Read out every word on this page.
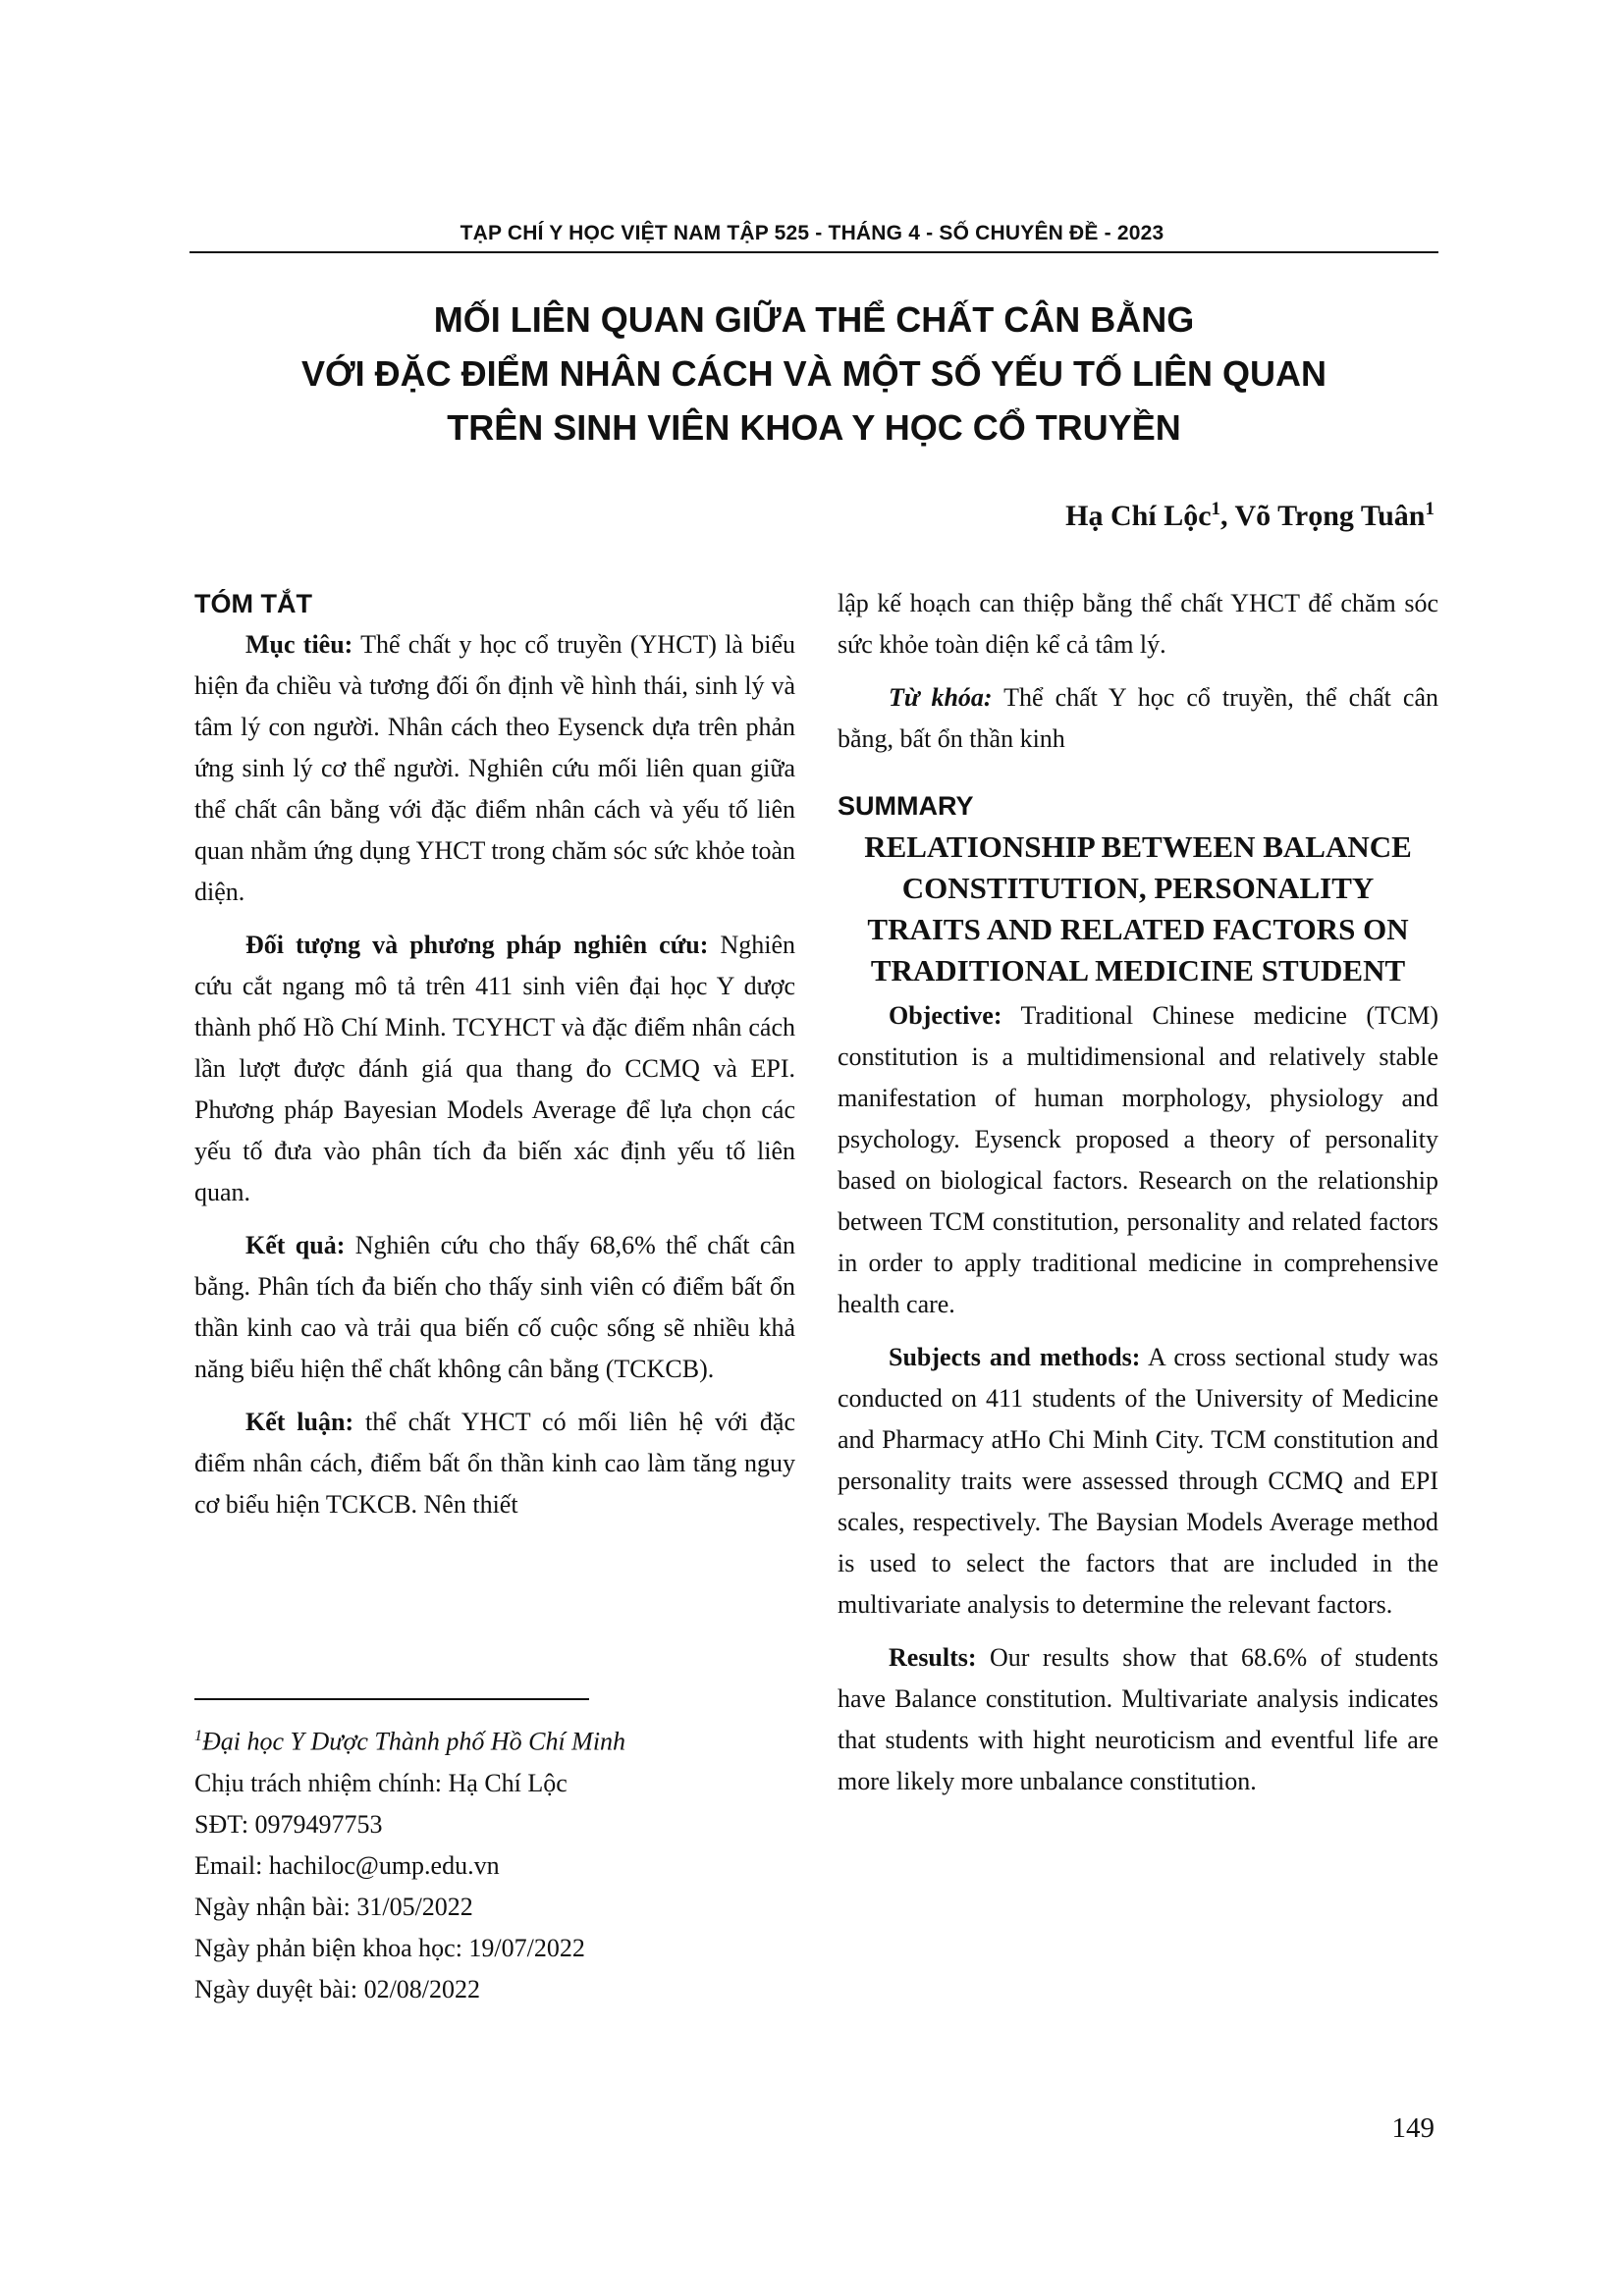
TẠP CHÍ Y HỌC VIỆT NAM TẬP 525 - THÁNG 4 - SỐ CHUYÊN ĐỀ - 2023
MỐI LIÊN QUAN GIỮA THỂ CHẤT CÂN BẰNG
VỚI ĐẶC ĐIỂM NHÂN CÁCH VÀ MỘT SỐ YẾU TỐ LIÊN QUAN
TRÊN SINH VIÊN KHOA Y HỌC CỔ TRUYỀN
Hạ Chí Lộc$^1$, Võ Trọng Tuân$^1$
TÓM TẮT

Mục tiêu: Thể chất y học cổ truyền (YHCT) là biểu hiện đa chiều và tương đối ổn định về hình thái, sinh lý và tâm lý con người. Nhân cách theo Eysenck dựa trên phản ứng sinh lý cơ thể người. Nghiên cứu mối liên quan giữa thể chất cân bằng với đặc điểm nhân cách và yếu tố liên quan nhằm ứng dụng YHCT trong chăm sóc sức khỏe toàn diện.

Đối tượng và phương pháp nghiên cứu: Nghiên cứu cắt ngang mô tả trên 411 sinh viên đại học Y dược thành phố Hồ Chí Minh. TCYHCT và đặc điểm nhân cách lần lượt được đánh giá qua thang đo CCMQ và EPI. Phương pháp Bayesian Models Average để lựa chọn các yếu tố đưa vào phân tích đa biến xác định yếu tố liên quan.

Kết quả: Nghiên cứu cho thấy 68,6% thể chất cân bằng. Phân tích đa biến cho thấy sinh viên có điểm bất ổn thần kinh cao và trải qua biến cố cuộc sống sẽ nhiều khả năng biểu hiện thể chất không cân bằng (TCKCB).

Kết luận: thể chất YHCT có mối liên hệ với đặc điểm nhân cách, điểm bất ổn thần kinh cao làm tăng nguy cơ biểu hiện TCKCB. Nên thiết

$^1$Đại học Y Dược Thành phố Hồ Chí Minh
Chịu trách nhiệm chính: Hạ Chí Lộc
SĐT: 0979497753
Email: hachiloc@ump.edu.vn
Ngày nhận bài: 31/05/2022
Ngày phản biện khoa học: 19/07/2022
Ngày duyệt bài: 02/08/2022

lập kế hoạch can thiệp bằng thể chất YHCT để chăm sóc sức khỏe toàn diện kể cả tâm lý.

Từ khóa: Thể chất Y học cổ truyền, thể chất cân bằng, bất ổn thần kinh

SUMMARY
RELATIONSHIP BETWEEN BALANCE
CONSTITUTION, PERSONALITY
TRAITS AND RELATED FACTORS ON
TRADITIONAL MEDICINE STUDENT

Objective: Traditional Chinese medicine (TCM) constitution is a multidimensional and relatively stable manifestation of human morphology, physiology and psychology. Eysenck proposed a theory of personality based on biological factors. Research on the relationship between TCM constitution, personality and related factors in order to apply traditional medicine in comprehensive health care.

Subjects and methods: A cross sectional study was conducted on 411 students of the University of Medicine and Pharmacy atHo Chi Minh City. TCM constitution and personality traits were assessed through CCMQ and EPI scales, respectively. The Baysian Models Average method is used to select the factors that are included in the multivariate analysis to determine the relevant factors.

Results: Our results show that 68.6% of students have Balance constitution. Multivariate analysis indicates that students with hight neuroticism and eventful life are more likely more unbalance constitution.

149
